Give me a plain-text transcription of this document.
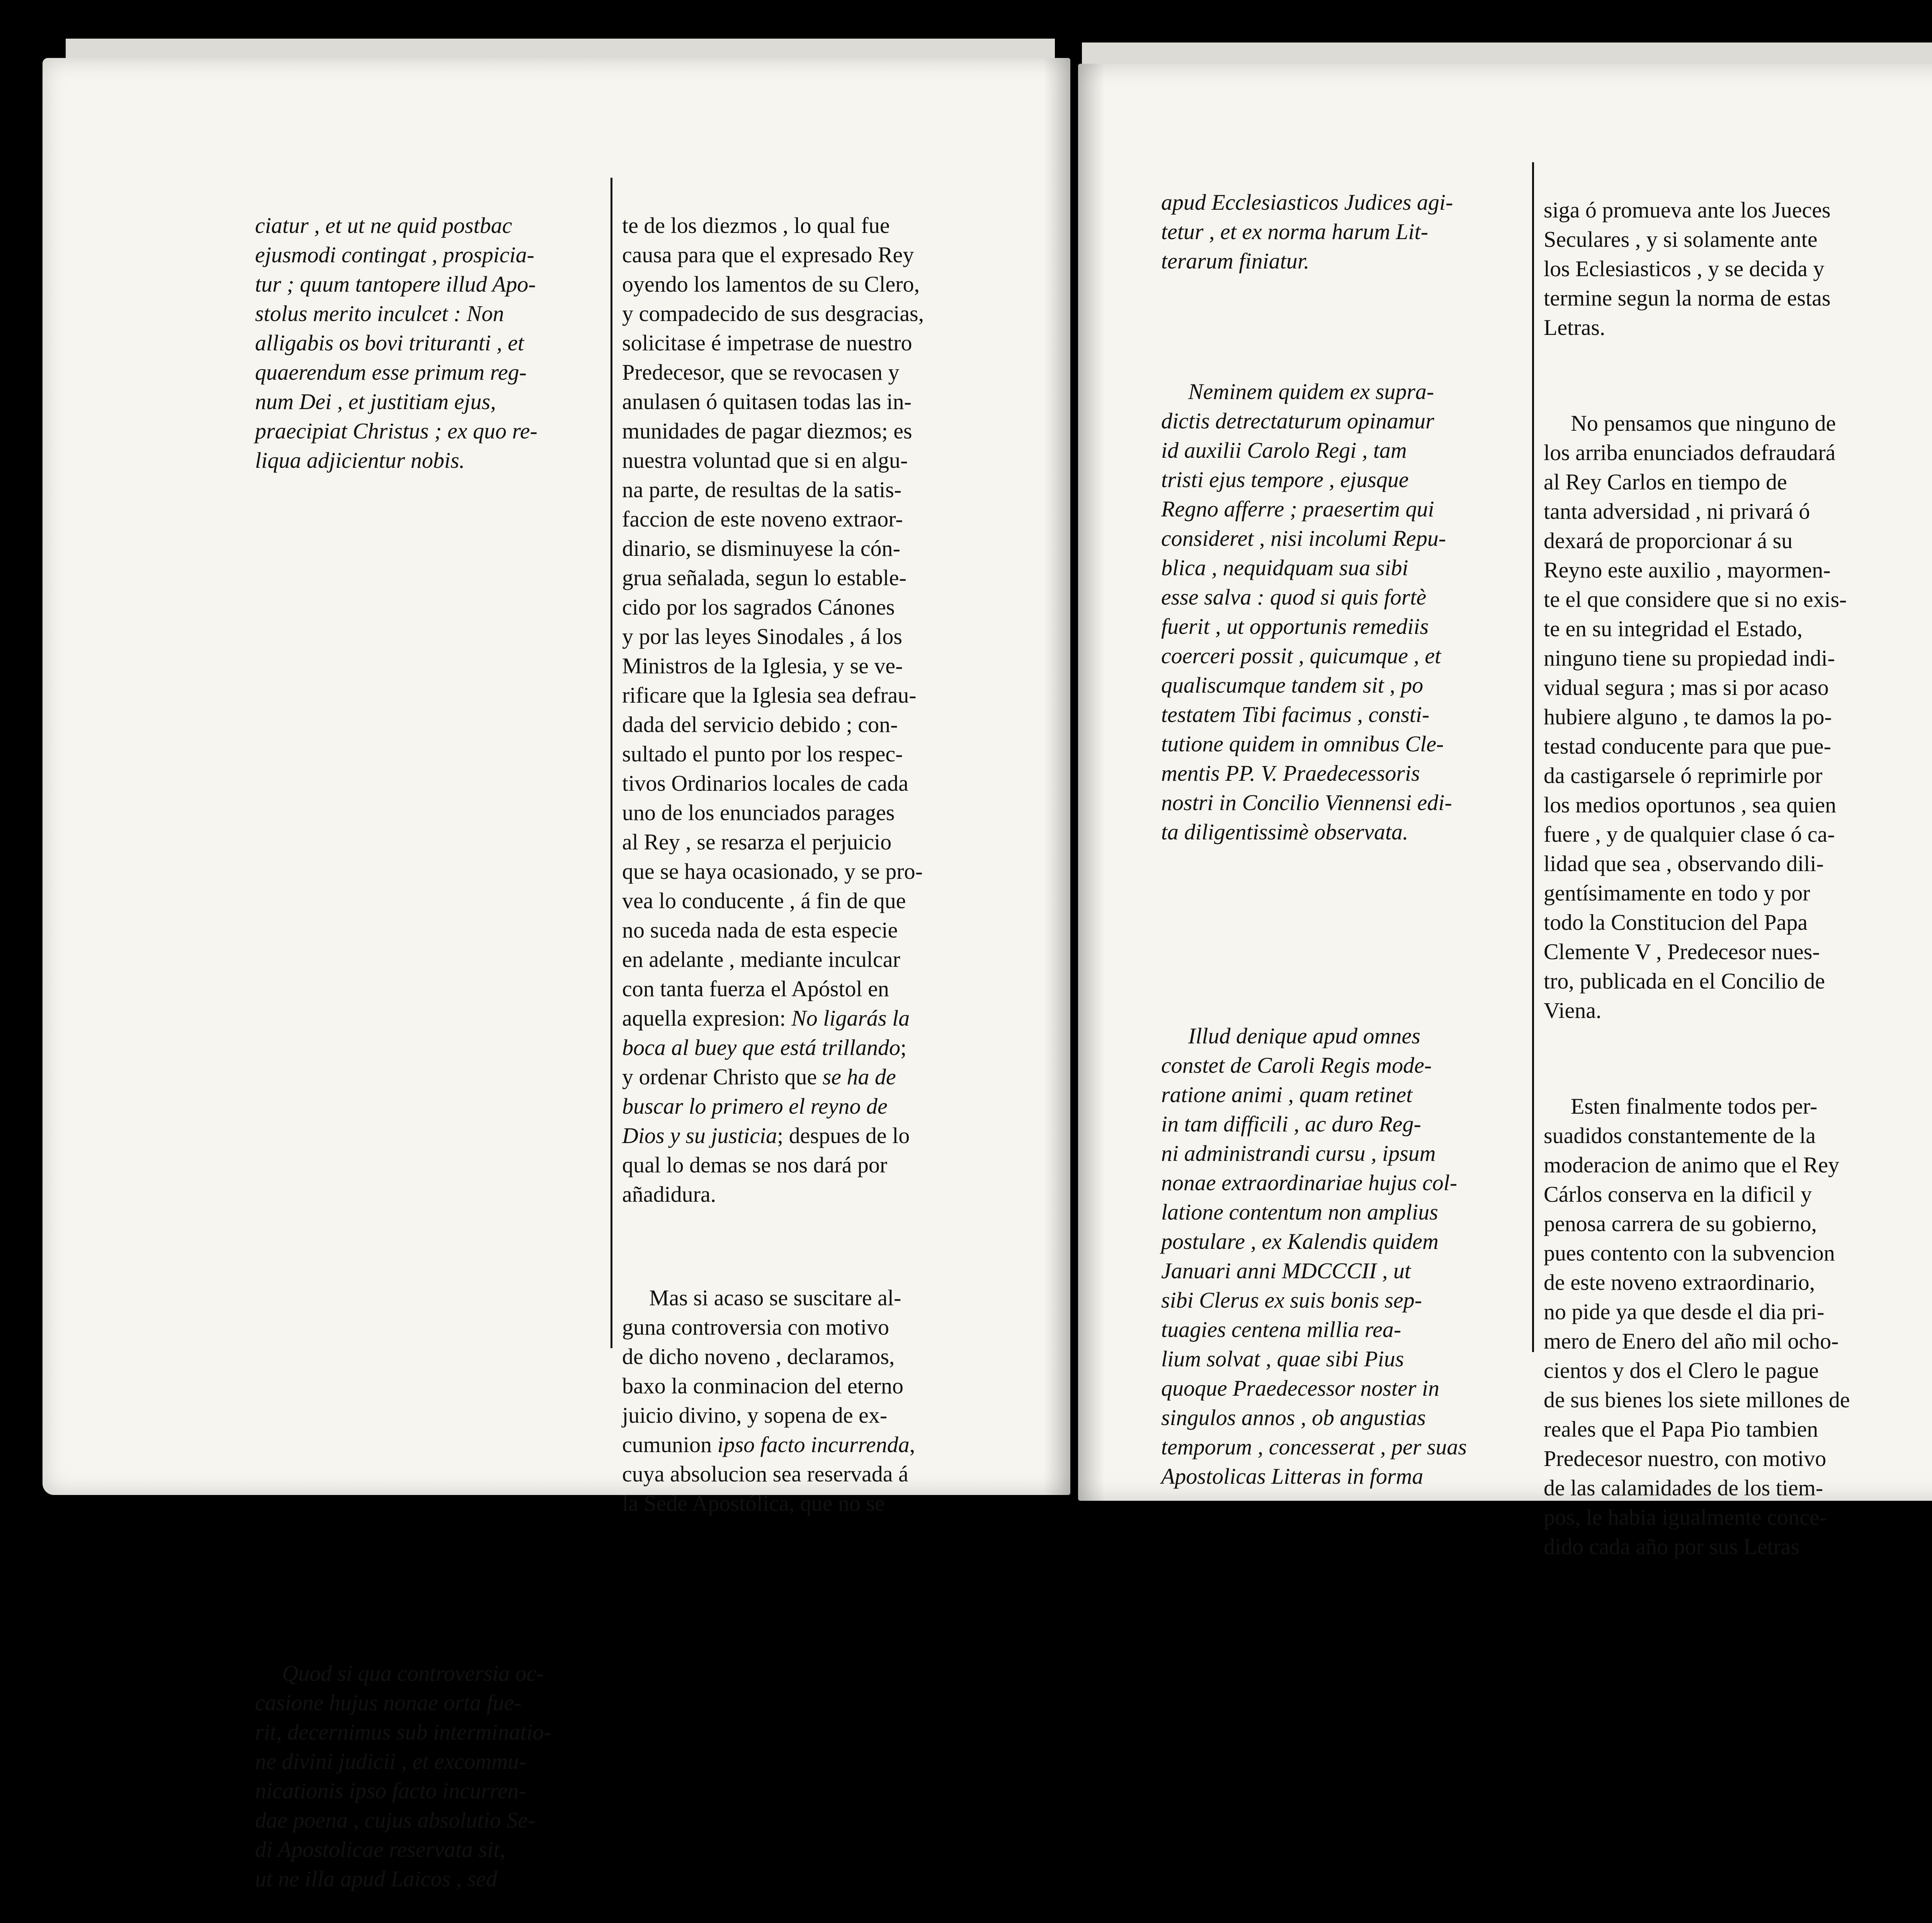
ciatur , et ut ne quid postbac
ejusmodi contingat , prospicia-
tur ; quum tantopere illud Apo-
stolus merito inculcet : Non
alligabis os bovi trituranti , et
quaerendum esse primum reg-
num Dei , et justitiam ejus,
praecipiat Christus ; ex quo re-
liqua adjicientur nobis.

Quod si qua controversia oc-
casione hujus nonae orta fue-
rit, decernimus sub interminatio-
ne divini judicii , et excommu-
nicationis ipso facto incurren-
dae poena , cujus absolutio Se-
di Apostolicae reservata sit,
ut ne illa apud Laicos , sed

te de los diezmos , lo qual fue
causa para que el expresado Rey
oyendo los lamentos de su Clero,
y compadecido de sus desgracias,
solicitase é impetrase de nuestro
Predecesor, que se revocasen y
anulasen ó quitasen todas las in-
munidades de pagar diezmos; es
nuestra voluntad que si en algu-
na parte, de resultas de la satis-
faccion de este noveno extraor-
dinario, se disminuyese la cón-
grua señalada, segun lo estable-
cido por los sagrados Cánones
y por las leyes Sinodales , á los
Ministros de la Iglesia, y se ve-
rificare que la Iglesia sea defrau-
dada del servicio debido ; con-
sultado el punto por los respec-
tivos Ordinarios locales de cada
uno de los enunciados parages
al Rey , se resarza el perjuicio
que se haya ocasionado, y se pro-
vea lo conducente , á fin de que
no suceda nada de esta especie
en adelante , mediante inculcar
con tanta fuerza el Apóstol en
aquella expresion: No ligarás la
boca al buey que está trillando;
y ordenar Christo que se ha de
buscar lo primero el reyno de
Dios y su justicia; despues de lo
qual lo demas se nos dará por
añadidura.

Mas si acaso se suscitare al-
guna controversia con motivo
de dicho noveno , declaramos,
baxo la conminacion del eterno
juicio divino, y sopena de ex-
cumunion ipso facto incurrenda,
cuya absolucion sea reservada á
la Sede Apostólica, que no se

apud Ecclesiasticos Judices agi-
tetur , et ex norma harum Lit-
terarum finiatur.

Neminem quidem ex supra-
dictis detrectaturum opinamur
id auxilii Carolo Regi , tam
tristi ejus tempore , ejusque
Regno afferre ; praesertim qui
consideret , nisi incolumi Repu-
blica , nequidquam sua sibi
esse salva : quod si quis fortè
fuerit , ut opportunis remediis
coerceri possit , quicumque , et
qualiscumque tandem sit , po
testatem Tibi facimus , consti-
tutione quidem in omnibus Cle-
mentis PP. V. Praedecessoris
nostri in Concilio Viennensi edi-
ta diligentissimè observata.

Illud denique apud omnes
constet de Caroli Regis mode-
ratione animi , quam retinet
in tam difficili , ac duro Reg-
ni administrandi cursu , ipsum
nonae extraordinariae hujus col-
latione contentum non amplius
postulare , ex Kalendis quidem
Januari anni MDCCCII , ut
sibi Clerus ex suis bonis sep-
tuagies centena millia rea-
lium solvat , quae sibi Pius
quoque Praedecessor noster in
singulos annos , ob angustias
temporum , concesserat , per suas
Apostolicas Litteras in forma

siga ó promueva ante los Jueces
Seculares , y si solamente ante
los Eclesiasticos , y se decida y
termine segun la norma de estas
Letras.

No pensamos que ninguno de
los arriba enunciados defraudará
al Rey Carlos en tiempo de
tanta adversidad , ni privará ó
dexará de proporcionar á su
Reyno este auxilio , mayormen-
te el que considere que si no exis-
te en su integridad el Estado,
ninguno tiene su propiedad indi-
vidual segura ; mas si por acaso
hubiere alguno , te damos la po-
testad conducente para que pue-
da castigarsele ó reprimirle por
los medios oportunos , sea quien
fuere , y de qualquier clase ó ca-
lidad que sea , observando dili-
gentísimamente en todo y por
todo la Constitucion del Papa
Clemente V , Predecesor nues-
tro, publicada en el Concilio de
Viena.

Esten finalmente todos per-
suadidos constantemente de la
moderacion de animo que el Rey
Cárlos conserva en la dificil y
penosa carrera de su gobierno,
pues contento con la subvencion
de este noveno extraordinario,
no pide ya que desde el dia pri-
mero de Enero del año mil ocho-
cientos y dos el Clero le pague
de sus bienes los siete millones de
reales que el Papa Pio tambien
Predecesor nuestro, con motivo
de las calamidades de los tiem-
pos, le habia igualmente conce-
dido cada año por sus Letras
